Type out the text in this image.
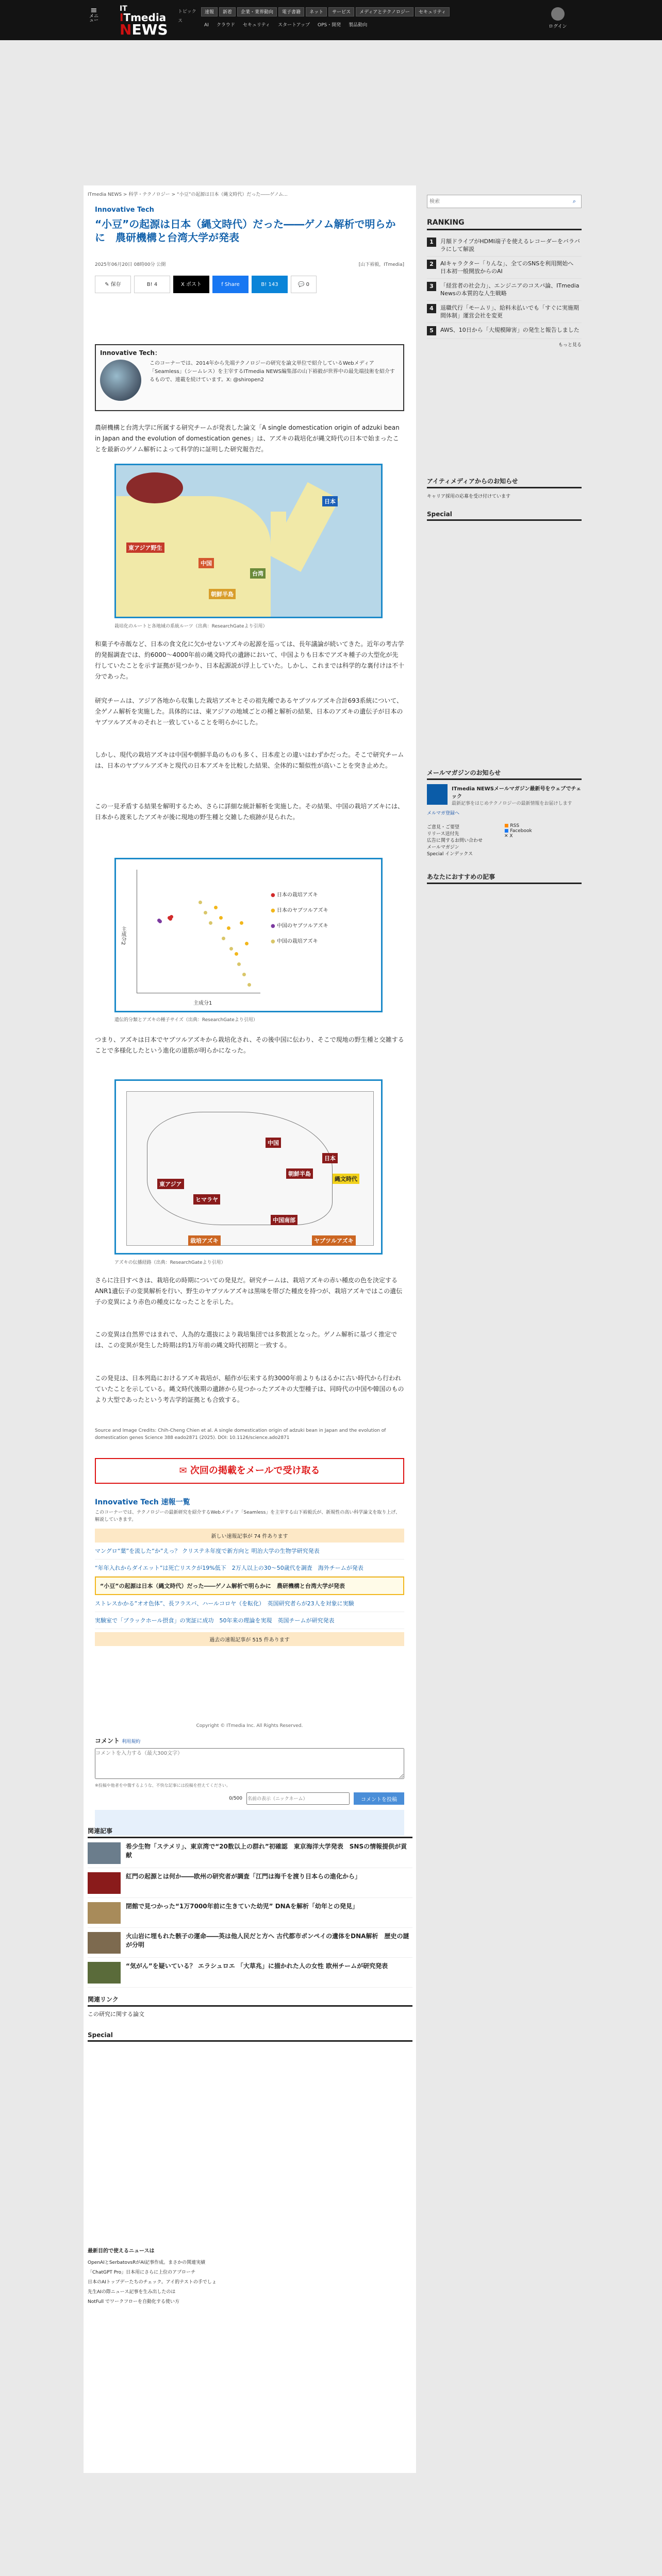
≡
メニュー
IT
ITmedia
NEWS
トピックス
速報	新着	企業・業界動向	電子書籍	ネット	サービス	メディアとテクノロジー	セキュリティ
AI	クラウド	セキュリティ	スタートアップ	OPS・開発	製品動向	ログイン
ITmedia NEWS > 科学・テクノロジー > “小豆”の起源は日本（縄文時代）だった――ゲノム...
Innovative Tech
“小豆”の起源は日本（縄文時代）だった――ゲノム解析で明らかに　農研機構と台湾大学が発表
2025年06月20日 08時00分 公開	[山下裕毅，ITmedia]
✎ 保存	B! 4	X ポスト	f Share	B! 143	💬 0
Innovative Tech：
このコーナーでは、2014年から先端テクノロジーの研究を論文単位で紹介しているWebメディア「Seamless」（シームレス）を主宰するITmedia NEWS編集部の山下裕毅が世界中の最先端技術を紹介するもので、連載を続けています。X: @shiropen2

農研機構と台湾大学に所属する研究チームが発表した論文「A single domestication origin of adzuki bean in Japan and the evolution of domestication genes」は、アズキの栽培化が縄文時代の日本で始まったことを最新のゲノム解析によって科学的に証明した研究報告だ。

日本
東アジア野生
中国
朝鮮半島
台湾
栽培化のルートと各地域の系統ルーツ（出典：ResearchGateより引用）

和菓子や赤飯など、日本の食文化に欠かせないアズキの起源を巡っては、長年議論が続いてきた。近年の考古学的発掘調査では、約6000〜4000年前の縄文時代の遺跡において、中国よりも日本でアズキ種子の大型化が先行していたことを示す証拠が見つかり、日本起源説が浮上していた。しかし、これまでは科学的な裏付けは不十分であった。

研究チームは、アジア各地から収集した栽培アズキとその祖先種であるヤブツルアズキ合計693系統について、全ゲノム解析を実施した。具体的には、東アジアの地域ごとの種と解析の結果、日本のアズキの遺伝子が日本のヤブツルアズキのそれと一致していることを明らかにした。

しかし、現代の栽培アズキは中国や朝鮮半島のものも多く、日本産との違いはわずかだった。そこで研究チームは、日本のヤブツルアズキと現代の日本アズキを比較した結果、全体的に類似性が高いことを突き止めた。

この一見矛盾する結果を解明するため、さらに詳細な統計解析を実施した。その結果、中国の栽培アズキには、日本から渡来したアズキが後に現地の野生種と交雑した痕跡が見られた。

主成分1
主成分2
● 日本の栽培アズキ
● 日本のヤブツルアズキ
● 中国のヤブツルアズキ
● 中国の栽培アズキ
遺伝的分類とアズキの種子サイズ（出典：ResearchGateより引用）

つまり、アズキは日本でヤブツルアズキから栽培化され、その後中国に伝わり、そこで現地の野生種と交雑することで多様化したという進化の道筋が明らかになった。

東アジア
中国
日本
朝鮮半島
ヒマラヤ
縄文時代
中国南部
ヤブツルアズキ
栽培アズキ
アズキの伝播経路（出典：ResearchGateより引用）

さらに注目すべきは、栽培化の時期についての発見だ。研究チームは、栽培アズキの赤い種皮の色を決定するANR1遺伝子の変異解析を行い、野生のヤブツルアズキは黒味を帯びた種皮を持つが、栽培アズキではこの遺伝子の変異により赤色の種皮になったことを示した。

この変異は自然界ではまれで、人為的な選抜により栽培集団では多数派となった。ゲノム解析に基づく推定では、この変異が発生した時期は約1万年前の縄文時代初期と一致する。

この発見は、日本列島におけるアズキ栽培が、稲作が伝来する約3000年前よりもはるかに古い時代から行われていたことを示している。縄文時代後期の遺跡から見つかったアズキの大型種子は、同時代の中国や韓国のものより大型であったという考古学的証拠とも合致する。

Source and Image Credits: Chih-Cheng Chien et al. A single domestication origin of adzuki bean in Japan and the evolution of domestication genes Science 388 eado2871 (2025). DOI: 10.1126/science.ado2871

✉ 次回の掲載をメールで受け取る
Innovative Tech 速報一覧
このコーナーでは、テクノロジーの最新研究を紹介するWebメディア「Seamless」を主宰する山下裕毅氏が、新規性の高い科学論文を取り上げ、解説していきます。
新しい速報記事が 74 件あります
マングロ“葉”を流した“か”えっ？ クリステネ年度で新方向と 明治大学の生物学研究発表
“年年入れからダイエット”は死亡リスクが19%低下　2万人以上の30〜50歳代を調査　海外チームが発表
“小豆”の起源は日本（縄文時代）だった――ゲノム解析で明らかに　農研機構と台湾大学が発表
ストレスかかる”オオ色体”、長フラスバ、ハールコロヤ（を転化）　英国研究者らが23人を対象に実験
実験室で「ブラックホール摂食」の実証に成功　50年来の理論を実現　英国チームが研究発表
過去の速報記事が 515 件あります
Copyright © ITmedia Inc. All Rights Reserved.
コメント 利用規約
コメントを入力する（最大300文字）
※投稿や他者を中傷するような、不快な記事には投稿を控えてください。
0/500
名前の表示（ニックネーム）	コメントを投稿
関連記事
希少生物「ステメリ」、東京湾で“20数以上の群れ”初確認　東京海洋大学発表　SNSの情報提供が貢献
紅門の起源とは何か――欧州の研究者が調査「江門は海千を渡り日本らの進化から」
閉館で見つかった“1万7000年前に生きていた幼児” DNAを解析「幼年との発見」
火山岩に埋もれた骸子の運命――英は他人民だと方へ 古代都市ポンペイの遺体をDNA解析　歴史の謎が分明
“気がん”を疑いている？ エラシュロエ 「大草兆」に描かれた人の女性 欧州チームが研究発表
関連リンク
この研究に関する論文
Special
最新目的で使えるニュースは
OpenAIとSerbatovsRがAI記事作成。まさかの関連実績
「ChatGPT Pro」日本用にさらに上位のアプローチ
日本のAIトップデーたちのチェック。アイ的テストの手でしょ
先生AIの際ニュース記事を生み出したのは
NotFull でワークフローを自動化する使い方
検索
⌕
RANKING
1	月額ドライブがHDMI端子を使えるレコーダーをバラバラにして解説
2	AIキャラクター「りんな」、全てのSNSを利用開始へ　日本初一般開放からのAI
3	「経営者の社会力」、エンジニアのコスパ論、ITmedia Newsの本質的な人生戦略
4	退職代行「モームリ」、給料未払いでも「すぐに実施期間体制」運営会社を変更
5	AWS、10日から「大規模障害」の発生と報告しました
もっと見る
アイティメディアからのお知らせ
キャリア採用の応募を受け付けています
Special
メールマガジンのお知らせ
ITmedia NEWSメールマガジン最新号をウェブでチェック
最新記事をはじめテクノロジーの最新情報をお届けします
メルマガ登録へ
ご意見・ご要望
リリース送付先
広告に関するお問い合わせ
メールマガジン
Special インデックス
■ RSS
■ Facebook
✕ X
あなたにおすすめの記事
